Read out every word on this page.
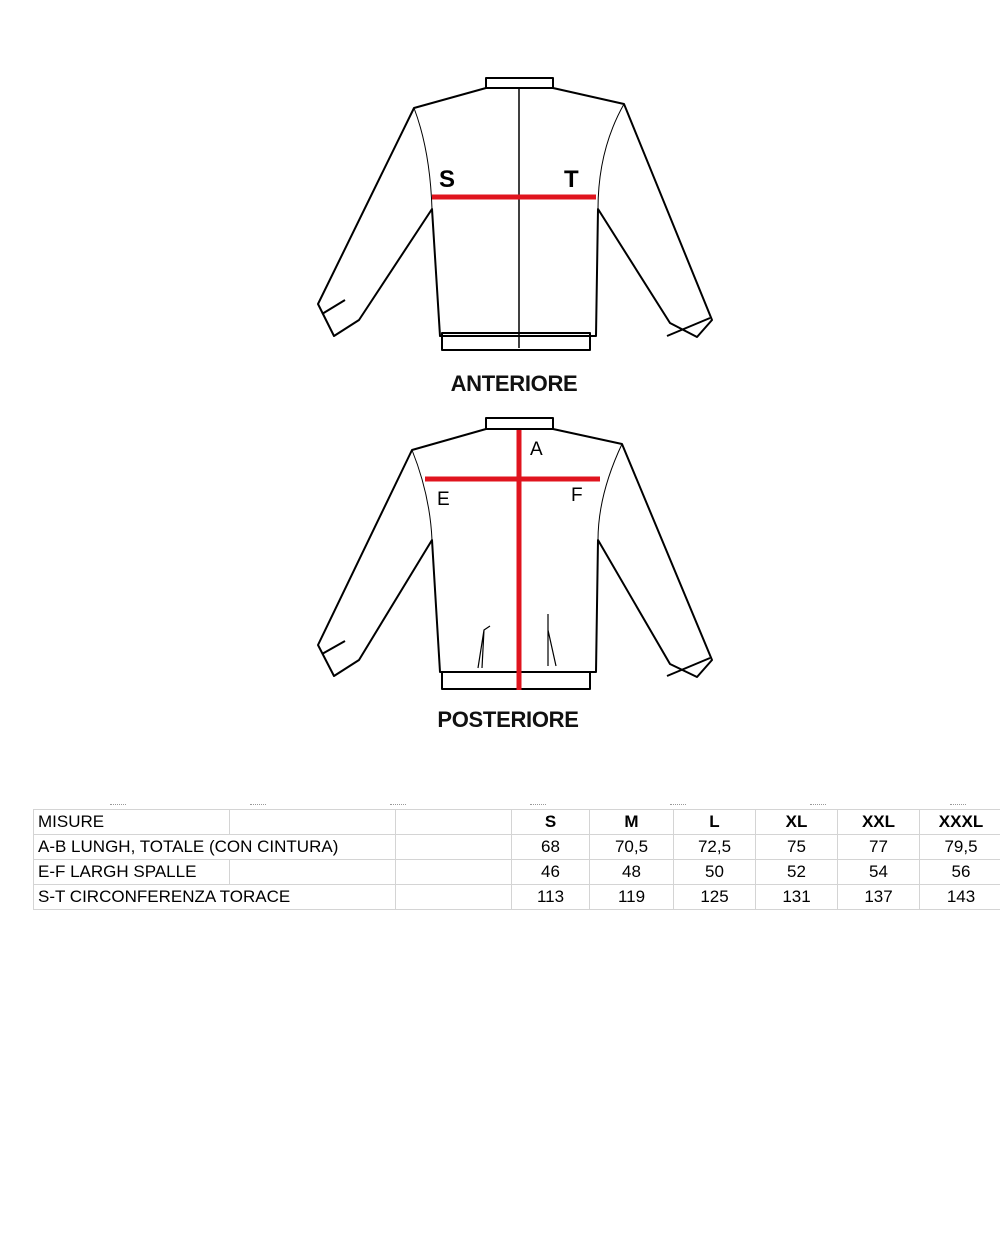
S	T
A
E	F
ANTERIORE
POSTERIORE
MISURE			S	M	L	XL	XXL	XXXL
A-B LUNGH, TOTALE (CON CINTURA)			68	70,5	72,5	75	77	79,5
E-F LARGH SPALLE			46	48	50	52	54	56
S-T CIRCONFERENZA TORACE			113	119	125	131	137	143
